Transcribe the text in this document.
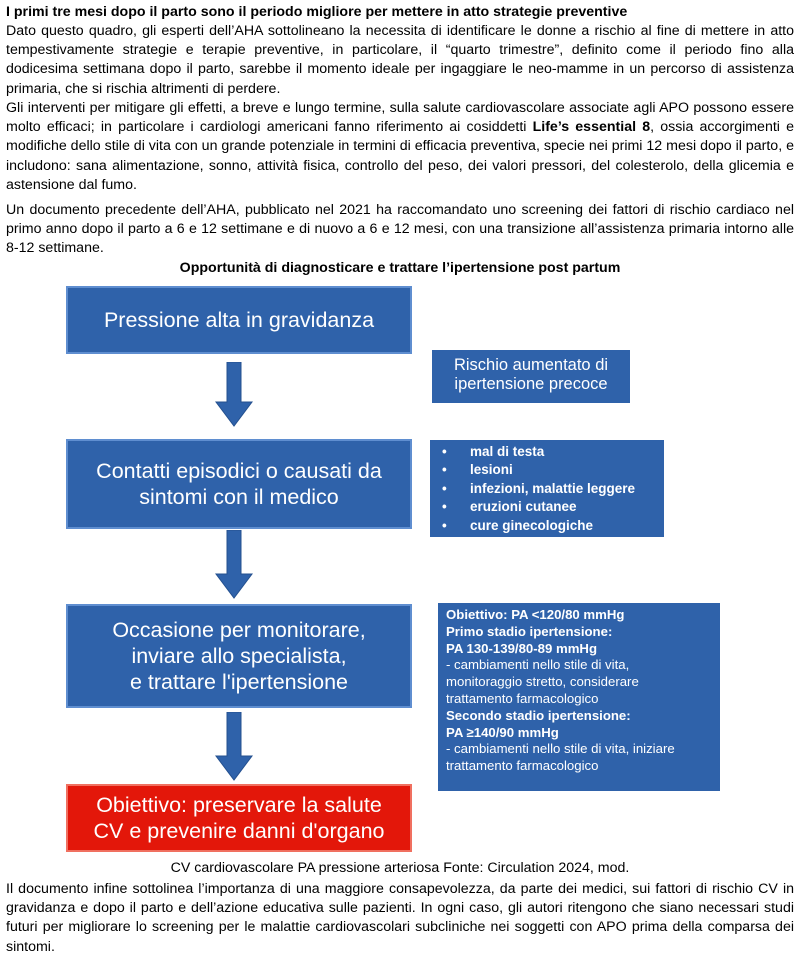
I primi tre mesi dopo il parto sono il periodo migliore per mettere in atto strategie preventive
Dato questo quadro, gli esperti dell’AHA sottolineano la necessita di identificare le donne a rischio al fine di mettere in atto tempestivamente strategie e terapie preventive, in particolare, il “quarto trimestre”, definito come il periodo fino alla dodicesima settimana dopo il parto, sarebbe il momento ideale per ingaggiare le neo-mamme in un percorso di assistenza primaria, che si rischia altrimenti di perdere.
Gli interventi per mitigare gli effetti, a breve e lungo termine, sulla salute cardiovascolare associate agli APO possono essere molto efficaci; in particolare i cardiologi americani fanno riferimento ai cosiddetti Life’s essential 8, ossia accorgimenti e modifiche dello stile di vita con un grande potenziale in termini di efficacia preventiva, specie nei primi 12 mesi dopo il parto, e includono: sana alimentazione, sonno, attività fisica, controllo del peso, dei valori pressori, del colesterolo, della glicemia e astensione dal fumo.
Un documento precedente dell’AHA, pubblicato nel 2021 ha raccomandato uno screening dei fattori di rischio cardiaco nel primo anno dopo il parto a 6 e 12 settimane e di nuovo a 6 e 12 mesi, con una transizione all’assistenza primaria intorno alle 8-12 settimane.
Opportunità di diagnosticare e trattare l’ipertensione post partum
Pressione alta in gravidanza
Contatti episodici o causati da
sintomi con il medico
Occasione per monitorare,
inviare allo specialista,
e trattare l'ipertensione
Obiettivo: preservare la salute
CV e prevenire danni d'organo
Rischio aumentato di
ipertensione precoce
• mal di testa
• lesioni
• infezioni, malattie leggere
• eruzioni cutanee
• cure ginecologiche
Obiettivo: PA <120/80 mmHg
Primo stadio ipertensione:
PA 130-139/80-89 mmHg
- cambiamenti nello stile di vita,
monitoraggio stretto, considerare
trattamento farmacologico
Secondo stadio ipertensione:
PA ≥140/90 mmHg
- cambiamenti nello stile di vita, iniziare
trattamento farmacologico
CV cardiovascolare PA pressione arteriosa Fonte: Circulation 2024, mod.
Il documento infine sottolinea l’importanza di una maggiore consapevolezza, da parte dei medici, sui fattori di rischio CV in gravidanza e dopo il parto e dell’azione educativa sulle pazienti. In ogni caso, gli autori ritengono che siano necessari studi futuri per migliorare lo screening per le malattie cardiovascolari subcliniche nei soggetti con APO prima della comparsa dei sintomi.
